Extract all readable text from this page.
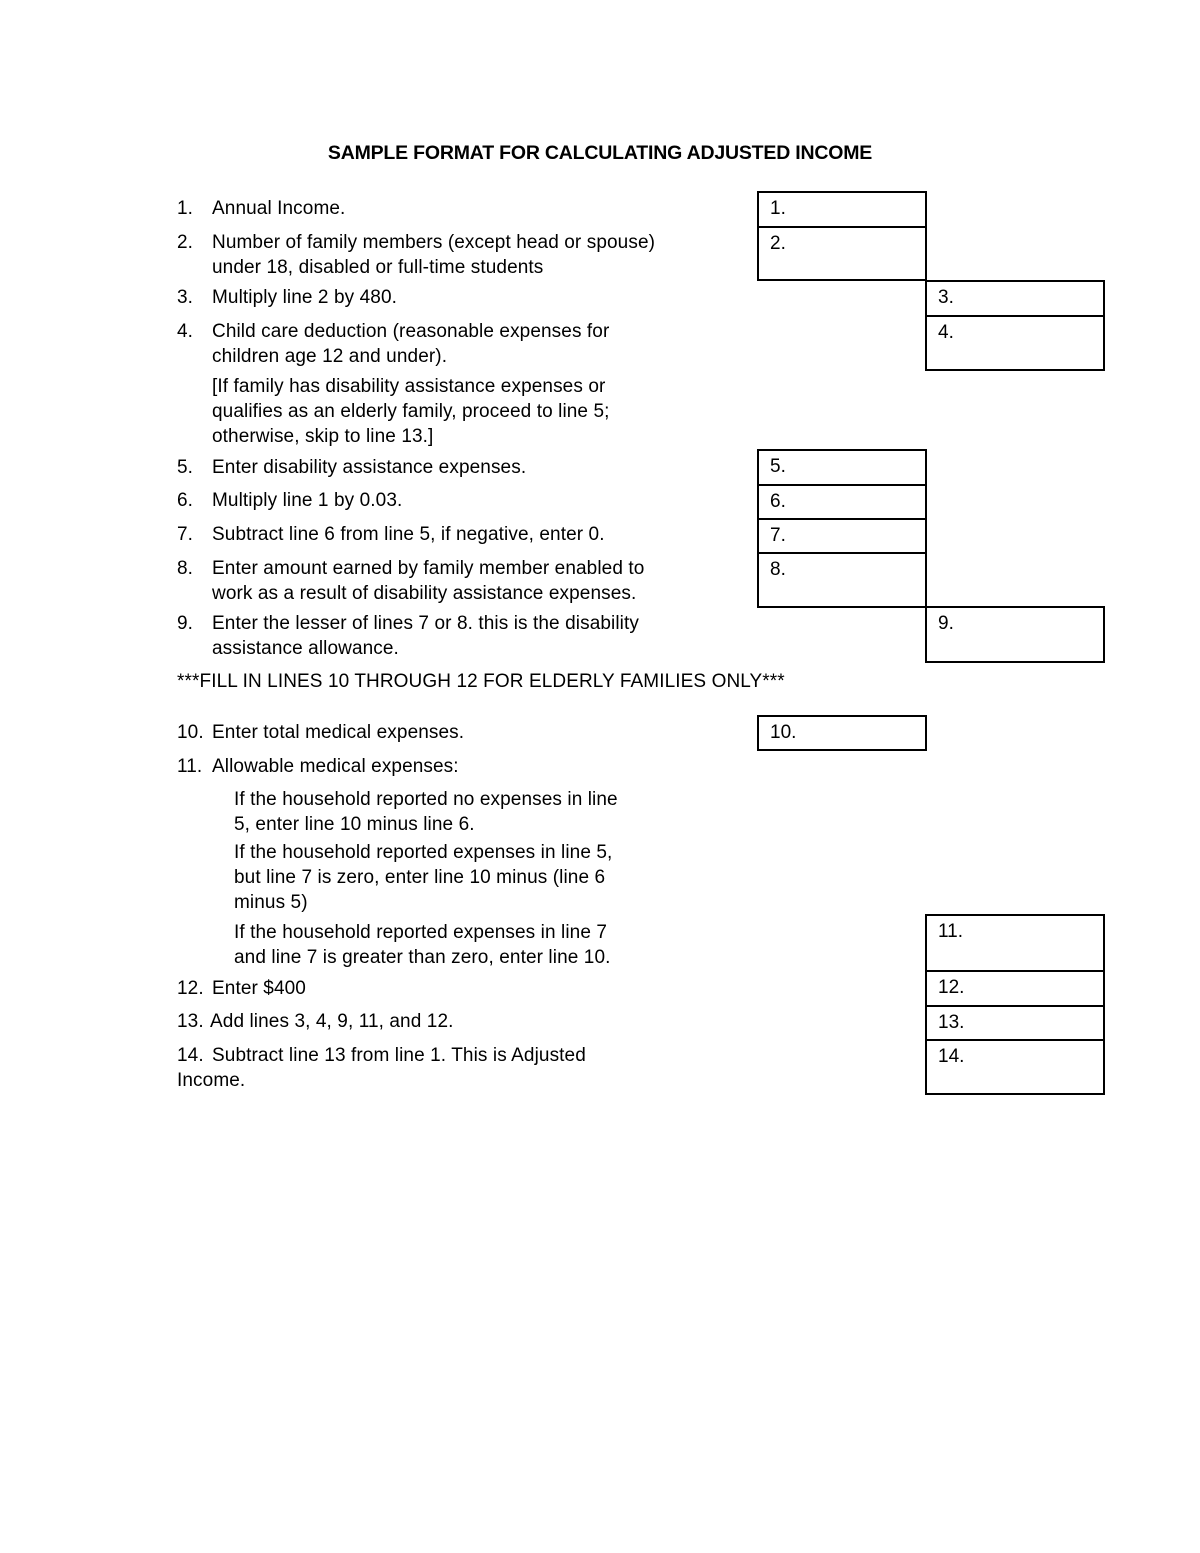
SAMPLE FORMAT FOR CALCULATING ADJUSTED INCOME
1. Annual Income.
2. Number of family members (except head or spouse)
under 18, disabled or full-time students
3. Multiply line 2 by 480.
4. Child care deduction (reasonable expenses for
children age 12 and under).
[If family has disability assistance expenses or
qualifies as an elderly family, proceed to line 5;
otherwise, skip to line 13.]
5. Enter disability assistance expenses.
6. Multiply line 1 by 0.03.
7. Subtract line 6 from line 5, if negative, enter 0.
8. Enter amount earned by family member enabled to
work as a result of disability assistance expenses.
9. Enter the lesser of lines 7 or 8. this is the disability
assistance allowance.
***FILL IN LINES 10 THROUGH 12 FOR ELDERLY FAMILIES ONLY***
10. Enter total medical expenses.
11. Allowable medical expenses:
If the household reported no expenses in line
5, enter line 10 minus line 6.
If the household reported expenses in line 5,
but line 7 is zero, enter line 10 minus (line 6
minus 5)
If the household reported expenses in line 7
and line 7 is greater than zero, enter line 10.
12. Enter $400
13. Add lines 3, 4, 9, 11, and 12.
14. Subtract line 13 from line 1. This is Adjusted
Income.
1.
2.
3.
4.
5.
6.
7.
8.
9.
10.
11.
12.
13.
14.
